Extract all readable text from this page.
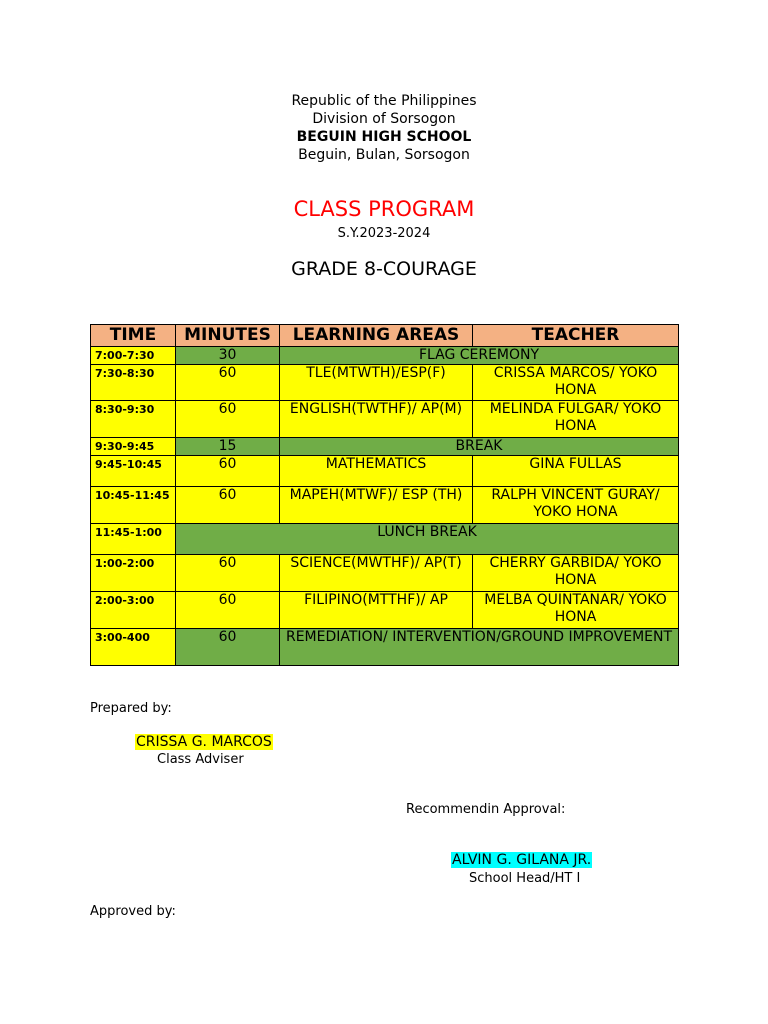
Republic of the Philippines
Division of Sorsogon
BEGUIN HIGH SCHOOL
Beguin, Bulan, Sorsogon
CLASS PROGRAM
S.Y.2023-2024
GRADE 8-COURAGE
TIME	MINUTES	LEARNING AREAS	TEACHER
7:00-7:30	30	FLAG CEREMONY	
7:30-8:30	60	TLE(MTWTH)/ESP(F)	CRISSA MARCOS/ YOKO HONA
8:30-9:30	60	ENGLISH(TWTHF)/ AP(M)	MELINDA FULGAR/ YOKO HONA
9:30-9:45	15	BREAK	
9:45-10:45	60	MATHEMATICS	GINA FULLAS
10:45-11:45	60	MAPEH(MTWF)/ ESP (TH)	RALPH VINCENT GURAY/ YOKO HONA
11:45-1:00	LUNCH BREAK		
1:00-2:00	60	SCIENCE(MWTHF)/ AP(T)	CHERRY GARBIDA/ YOKO HONA
2:00-3:00	60	FILIPINO(MTTHF)/ AP	MELBA QUINTANAR/ YOKO HONA
3:00-400	60	REMEDIATION/ INTERVENTION/GROUND IMPROVEMENT	
Prepared by:
CRISSA G. MARCOS
Class Adviser
Recommendin Approval:
ALVIN G. GILANA JR.
School Head/HT I
Approved by:
